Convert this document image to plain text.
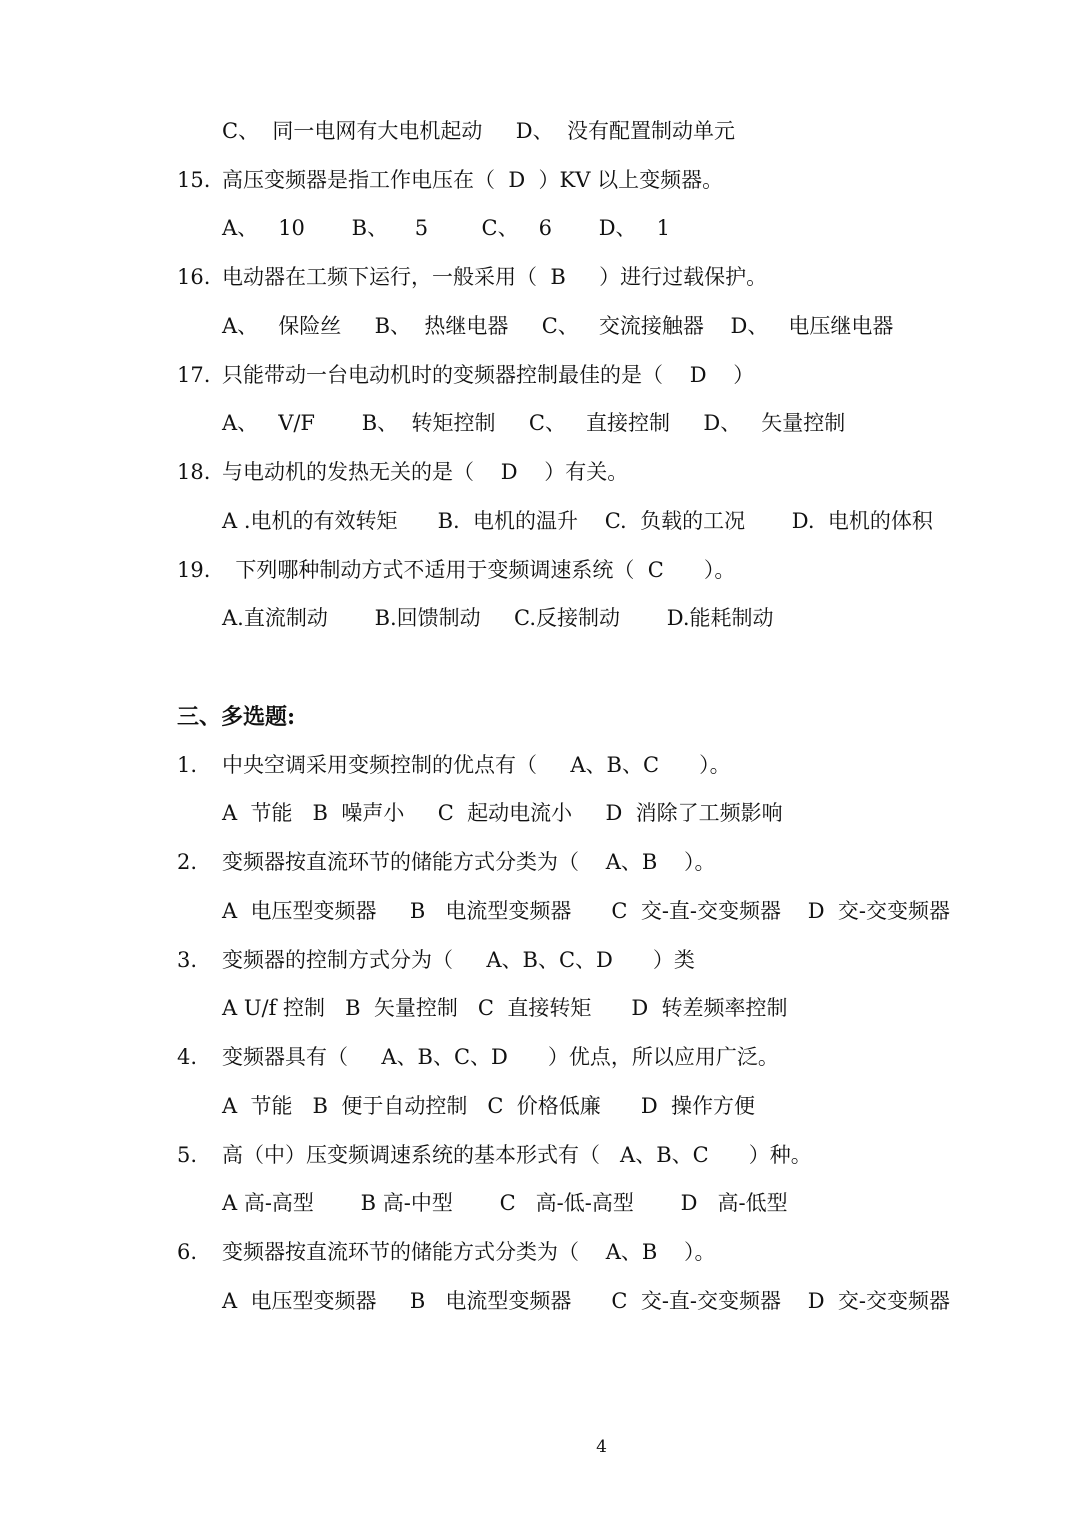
C、  同一电网有大电机起动     D、  没有配置制动单元
15. 高压变频器是指工作电压在（  D  ）KV 以上变频器。
A、   10       B、    5        C、   6       D、   1
16. 电动器在工频下运行，一般采用（  B     ）进行过载保护。
A、   保险丝     B、  热继电器     C、   交流接触器    D、   电压继电器
17. 只能带动一台电动机时的变频器控制最佳的是（    D    ）
A、   V/F       B、  转矩控制     C、   直接控制     D、   矢量控制
18. 与电动机的发热无关的是（    D    ）有关。
A .电机的有效转矩      B.  电机的温升    C.  负载的工况       D.  电机的体积
19. 下列哪种制动方式不适用于变频调速系统（  C      ）。
A.直流制动       B.回馈制动     C.反接制动       D.能耗制动
三、多选题:
1. 中央空调采用变频控制的优点有（     A、B、C      ）。
A  节能   B  噪声小     C  起动电流小     D  消除了工频影响
2. 变频器按直流环节的储能方式分类为（    A、B    ）。
A  电压型变频器     B   电流型变频器      C  交-直-交变频器    D  交-交变频器
3. 变频器的控制方式分为（     A、B、C、D      ）类
A U/f 控制   B  矢量控制   C  直接转矩      D  转差频率控制
4. 变频器具有（     A、B、C、D      ）优点，所以应用广泛。
A  节能   B  便于自动控制   C  价格低廉      D  操作方便
5. 高（中）压变频调速系统的基本形式有（   A、B、C      ）种。
A 高-高型       B 高-中型       C   高-低-高型       D   高-低型
6. 变频器按直流环节的储能方式分类为（    A、B    ）。
A  电压型变频器     B   电流型变频器      C  交-直-交变频器    D  交-交变频器
4
